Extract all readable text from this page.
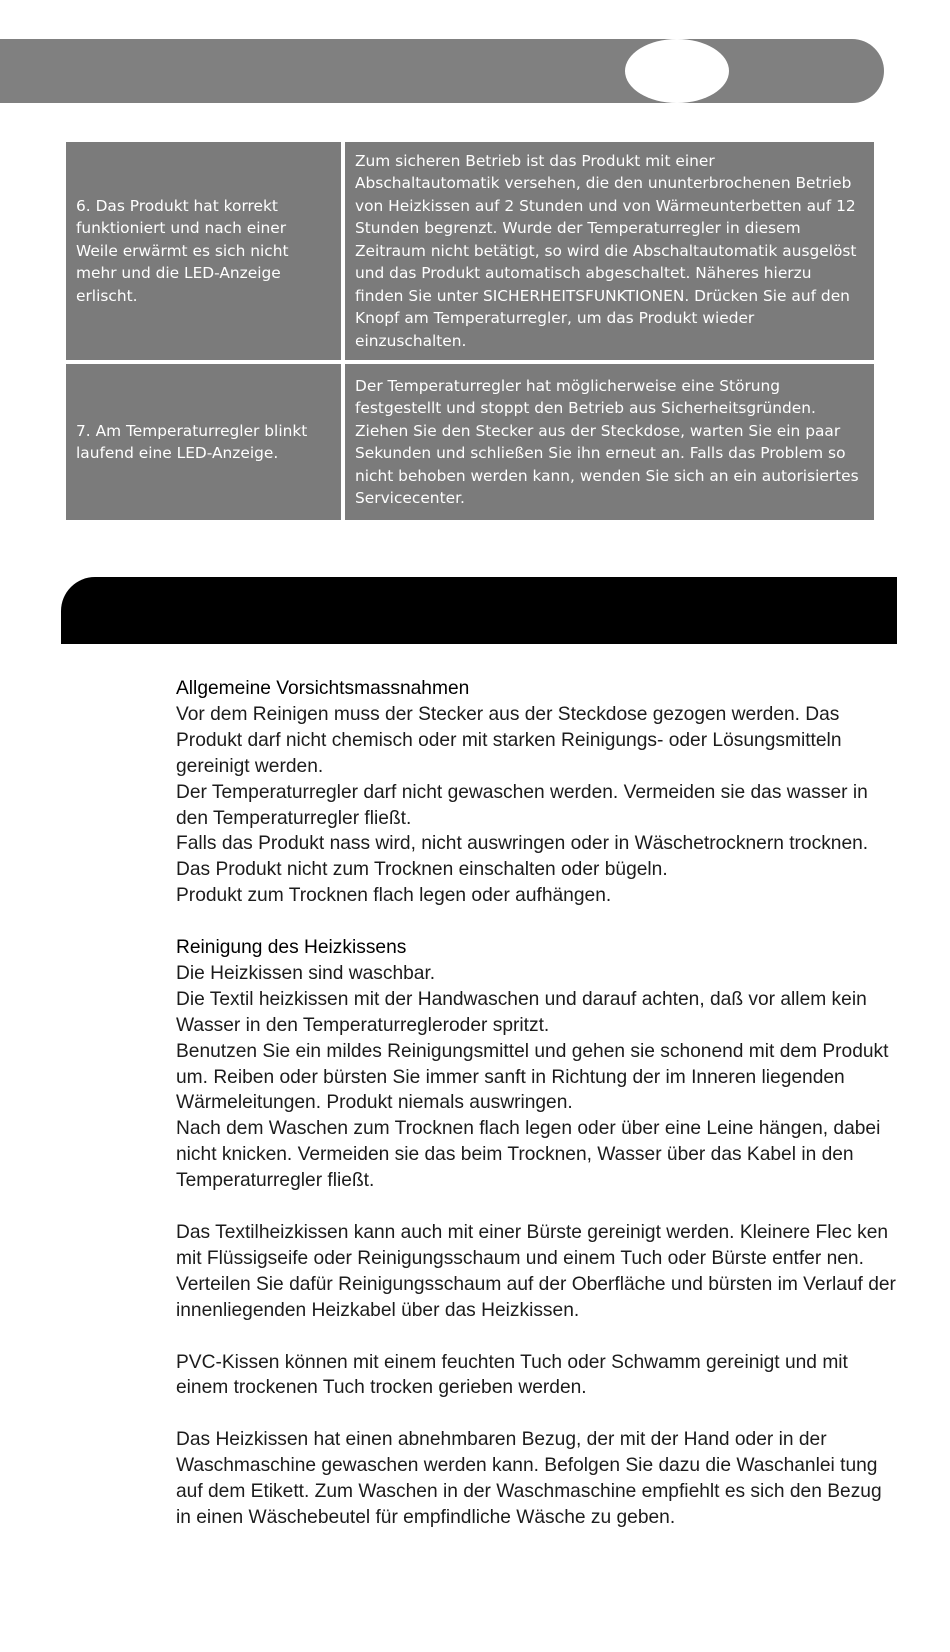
6. Das Produkt hat korrekt funktioniert und nach einer Weile erwärmt es sich nicht mehr und die LED-Anzeige erlischt.
Zum sicheren Betrieb ist das Produkt mit einer Abschaltautomatik versehen, die den ununterbrochenen Betrieb von Heizkissen auf 2 Stunden und von Wärmeunterbetten auf 12 Stunden begrenzt. Wurde der Temperaturregler in diesem Zeitraum nicht betätigt, so wird die Abschaltautomatik ausgelöst und das Produkt automatisch abgeschaltet. Näheres hierzu finden Sie unter SICHERHEITSFUNKTIONEN. Drücken Sie auf den Knopf am Temperaturregler, um das Produkt wieder einzuschalten.
7. Am Temperaturregler blinkt laufend eine LED-Anzeige.
Der Temperaturregler hat möglicherweise eine Störung festgestellt und stoppt den Betrieb aus Sicherheitsgründen. Ziehen Sie den Stecker aus der Steckdose, warten Sie ein paar Sekunden und schließen Sie ihn erneut an. Falls das Problem so nicht behoben werden kann, wenden Sie sich an ein autorisiertes Servicecenter.

Allgemeine Vorsichtsmassnahmen

Vor dem Reinigen muss der Stecker aus der Steckdose gezogen werden. Das Produkt darf nicht chemisch oder mit starken Reinigungs- oder Lösungsmitteln gereinigt werden.

Der Temperaturregler darf nicht gewaschen werden. Vermeiden sie das wasser in den Temperaturregler fließt.

Falls das Produkt nass wird, nicht auswringen oder in Wäschetrocknern trocknen. Das Produkt nicht zum Trocknen einschalten oder bügeln.

Produkt zum Trocknen flach legen oder aufhängen.

Reinigung des Heizkissens

Die Heizkissen sind waschbar.

Die Textil heizkissen mit der Handwaschen und darauf achten, daß vor allem kein Wasser in den Temperaturregleroder spritzt.

Benutzen Sie ein mildes Reinigungsmittel und gehen sie schonend mit dem Produkt um. Reiben oder bürsten Sie immer sanft in Richtung der im Inneren liegenden Wärmeleitungen. Produkt niemals auswringen.

Nach dem Waschen zum Trocknen flach legen oder über eine Leine hängen, dabei nicht knicken. Vermeiden sie das beim Trocknen, Wasser über das Kabel in den Temperaturregler fließt.

Das Textilheizkissen kann auch mit einer Bürste gereinigt werden. Kleinere Flec ken mit Flüssigseife oder Reinigungsschaum und einem Tuch oder Bürste entfer nen. Verteilen Sie dafür Reinigungsschaum auf der Oberfläche und bürsten im Verlauf der innenliegenden Heizkabel über das Heizkissen.

PVC-Kissen können mit einem feuchten Tuch oder Schwamm gereinigt und mit einem trockenen Tuch trocken gerieben werden.

Das Heizkissen hat einen abnehmbaren Bezug, der mit der Hand oder in der Waschmaschine gewaschen werden kann. Befolgen Sie dazu die Waschanlei tung auf dem Etikett. Zum Waschen in der Waschmaschine empfiehlt es sich den Bezug in einen Wäschebeutel für empfindliche Wäsche zu geben.
